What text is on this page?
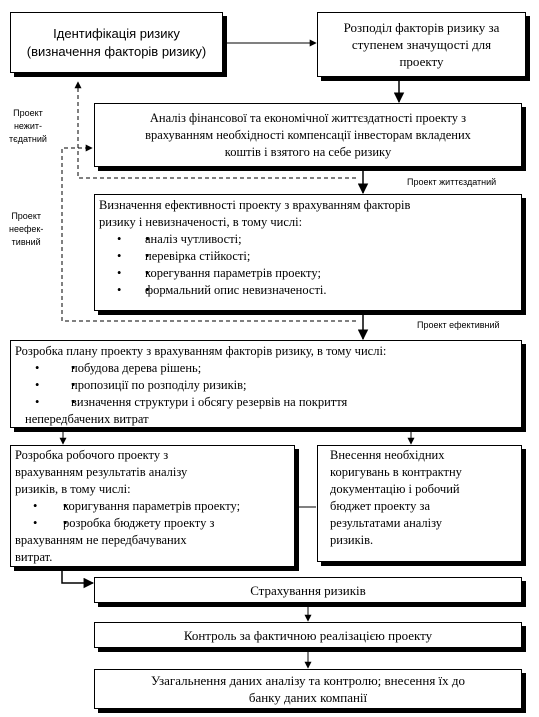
Ідентифікація ризику
(визначення факторів ризику)
Розподіл факторів ризику за
ступенем значущості для
проекту
Аналіз фінансової та економічної життєздатності проекту з
врахуванням необхідності компенсації інвесторам вкладених
коштів і взятого на себе ризику
Визначення ефективності проекту з врахуванням факторів
ризику і невизначеності, в тому числі:
• • аналіз чутливості;
• • перевірка стійкості;
• • корегування параметрів проекту;
• • формальний опис невизначеності.
Розробка плану проекту з врахуванням факторів ризику, в тому числі:
• •	побудова дерева рішень;
• •	пропозиції по розподілу ризиків;
• •	визначення структури і обсягу резервів на покриття
непередбачених витрат
Розробка робочого проекту з
врахуванням результатів аналізу
ризиків, в тому числі:
• • коригування параметрів проекту;
• • розробка бюджету проекту з
врахуванням не передбачуваних
витрат.
Внесення необхідних
коригувань в контрактну
документацію і робочий
бюджет проекту за
результатами аналізу
ризиків.
Страхування ризиків
Контроль за фактичною реалізацією проекту
Узагальнення даних аналізу та контролю; внесення їх до
банку даних компанії
Проект
нежит-
тєдатний
Проект життєздатний
Проект
неефек-
тивний
Проект ефективний
